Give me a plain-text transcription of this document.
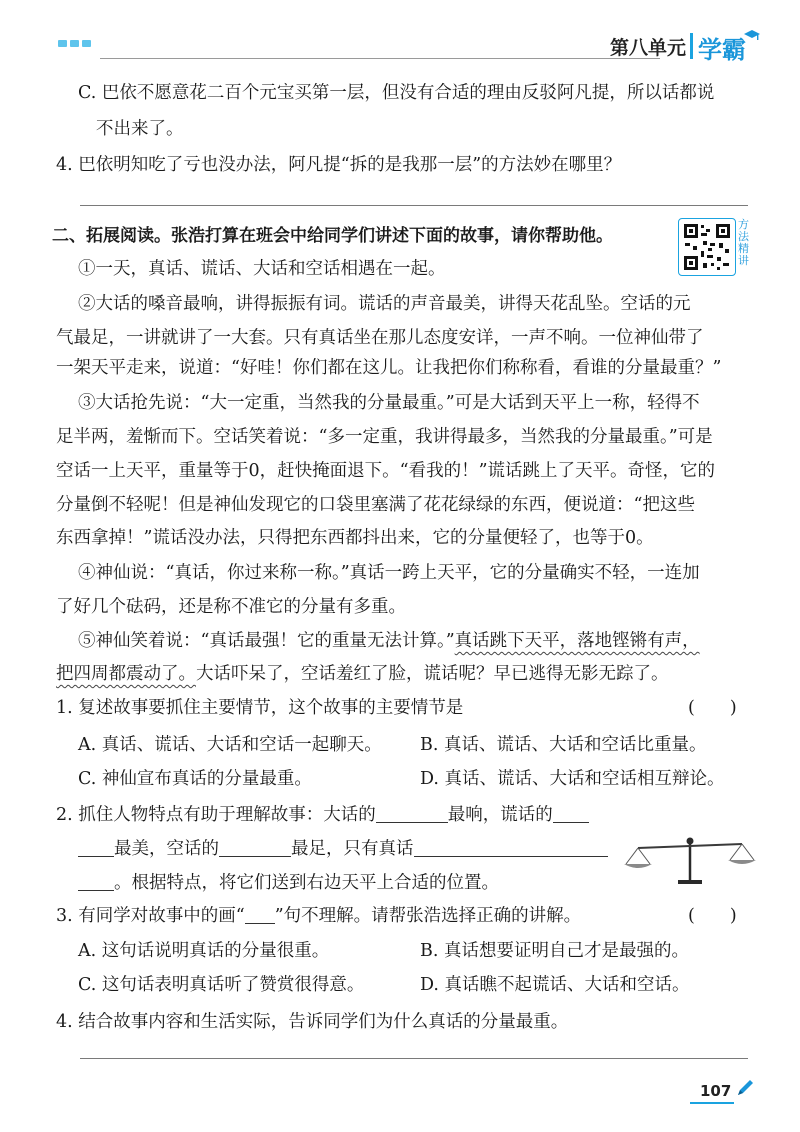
第八单元 学霸
C. 巴依不愿意花二百个元宝买第一层，但没有合适的理由反驳阿凡提，所以话都说
不出来了。
4. 巴依明知吃了亏也没办法，阿凡提“拆的是我那一层”的方法妙在哪里？
二、拓展阅读。张浩打算在班会中给同学们讲述下面的故事，请你帮助他。
方法精讲
①一天，真话、谎话、大话和空话相遇在一起。
②大话的嗓音最响，讲得振振有词。谎话的声音最美，讲得天花乱坠。空话的元
气最足，一讲就讲了一大套。只有真话坐在那儿态度安详，一声不响。一位神仙带了
一架天平走来，说道：“好哇！你们都在这儿。让我把你们称称看，看谁的分量最重？”
③大话抢先说：“大一定重，当然我的分量最重。”可是大话到天平上一称，轻得不
足半两，羞惭而下。空话笑着说：“多一定重，我讲得最多，当然我的分量最重。”可是
空话一上天平，重量等于0，赶快掩面退下。“看我的！”谎话跳上了天平。奇怪，它的
分量倒不轻呢！但是神仙发现它的口袋里塞满了花花绿绿的东西，便说道：“把这些
东西拿掉！”谎话没办法，只得把东西都抖出来，它的分量便轻了，也等于0。
④神仙说：“真话，你过来称一称。”真话一跨上天平，它的分量确实不轻，一连加
了好几个砝码，还是称不准它的分量有多重。
⑤神仙笑着说：“真话最强！它的重量无法计算。”真话跳下天平，落地铿锵有声，
把四周都震动了。大话吓呆了，空话羞红了脸，谎话呢？早已逃得无影无踪了。
1. 复述故事要抓住主要情节，这个故事的主要情节是	(　　)
A. 真话、谎话、大话和空话一起聊天。 B. 真话、谎话、大话和空话比重量。
C. 神仙宣布真话的分量最重。	D. 真话、谎话、大话和空话相互辩论。
2. 抓住人物特点有助于理解故事：大话的	最响，谎话的
最美，空话的	最足，只有真话
。根据特点，将它们送到右边天平上合适的位置。
3. 有同学对故事中的画“ ”句不理解。请帮张浩选择正确的讲解。	(　　)
A. 这句话说明真话的分量很重。	B. 真话想要证明自己才是最强的。
C. 这句话表明真话听了赞赏很得意。	D. 真话瞧不起谎话、大话和空话。
4. 结合故事内容和生活实际，告诉同学们为什么真话的分量最重。
107
